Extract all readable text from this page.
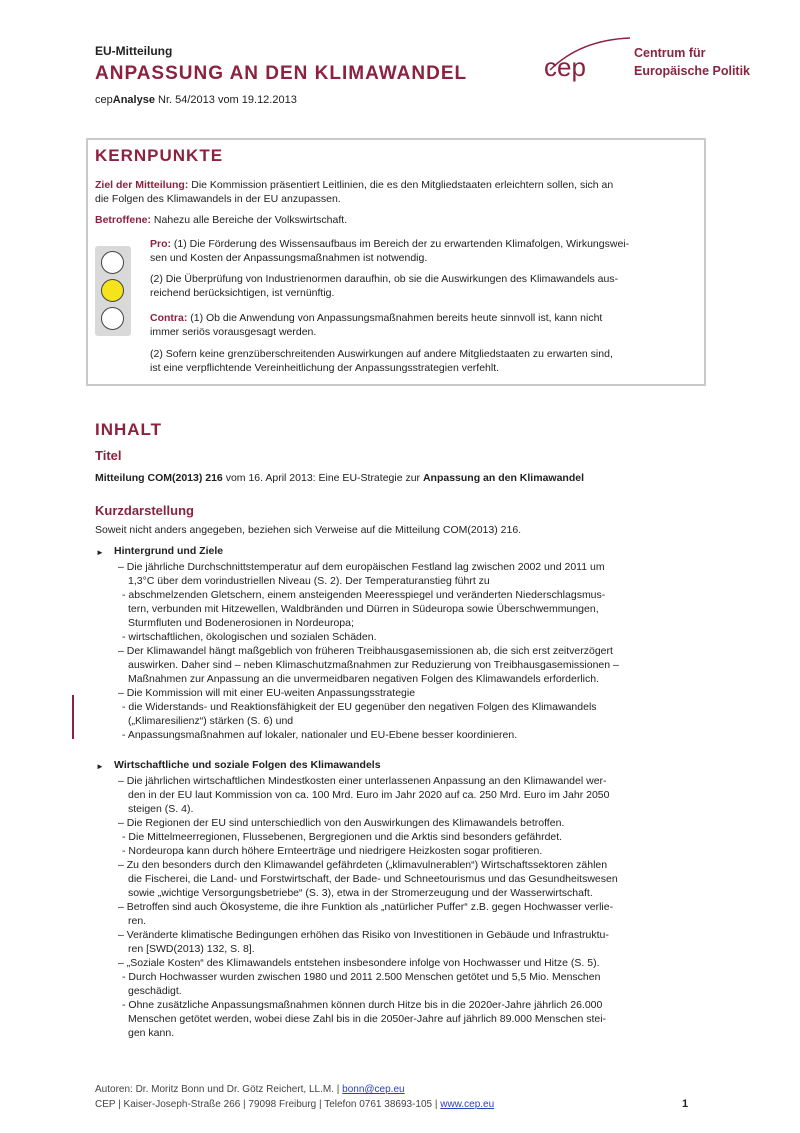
EU-Mitteilung
ANPASSUNG AN DEN KLIMAWANDEL
cepAnalyse Nr. 54/2013 vom 19.12.2013
cep	Centrum für
Europäische Politik
KERNPUNKTE
Ziel der Mitteilung: Die Kommission präsentiert Leitlinien, die es den Mitgliedstaaten erleichtern sollen, sich an
die Folgen des Klimawandels in der EU anzupassen.
Betroffene: Nahezu alle Bereiche der Volkswirtschaft.
Pro: (1) Die Förderung des Wissensaufbaus im Bereich der zu erwartenden Klimafolgen, Wirkungswei-
sen und Kosten der Anpassungsmaßnahmen ist notwendig.
(2) Die Überprüfung von Industrienormen daraufhin, ob sie die Auswirkungen des Klimawandels aus-
reichend berücksichtigen, ist vernünftig.
Contra: (1) Ob die Anwendung von Anpassungsmaßnahmen bereits heute sinnvoll ist, kann nicht
immer seriös vorausgesagt werden.
(2) Sofern keine grenzüberschreitenden Auswirkungen auf andere Mitgliedstaaten zu erwarten sind,
ist eine verpflichtende Vereinheitlichung der Anpassungsstrategien verfehlt.
INHALT
Titel
Mitteilung COM(2013) 216 vom 16. April 2013: Eine EU-Strategie zur Anpassung an den Klimawandel
Kurzdarstellung
Soweit nicht anders angegeben, beziehen sich Verweise auf die Mitteilung COM(2013) 216.
► Hintergrund und Ziele
– Die jährliche Durchschnittstemperatur auf dem europäischen Festland lag zwischen 2002 und 2011 um
1,3°C über dem vorindustriellen Niveau (S. 2). Der Temperaturanstieg führt zu
- abschmelzenden Gletschern, einem ansteigenden Meeresspiegel und veränderten Niederschlagsmus-
tern, verbunden mit Hitzewellen, Waldbränden und Dürren in Südeuropa sowie Überschwemmungen,
Sturmfluten und Bodenerosionen in Nordeuropa;
- wirtschaftlichen, ökologischen und sozialen Schäden.
– Der Klimawandel hängt maßgeblich von früheren Treibhausgasemissionen ab, die sich erst zeitverzögert
auswirken. Daher sind – neben Klimaschutzmaßnahmen zur Reduzierung von Treibhausgasemissionen –
Maßnahmen zur Anpassung an die unvermeidbaren negativen Folgen des Klimawandels erforderlich.
– Die Kommission will mit einer EU-weiten Anpassungsstrategie
- die Widerstands- und Reaktionsfähigkeit der EU gegenüber den negativen Folgen des Klimawandels
(„Klimaresilienz“) stärken (S. 6) und
- Anpassungsmaßnahmen auf lokaler, nationaler und EU-Ebene besser koordinieren.
► Wirtschaftliche und soziale Folgen des Klimawandels
– Die jährlichen wirtschaftlichen Mindestkosten einer unterlassenen Anpassung an den Klimawandel wer-
den in der EU laut Kommission von ca. 100 Mrd. Euro im Jahr 2020 auf ca. 250 Mrd. Euro im Jahr 2050
steigen (S. 4).
– Die Regionen der EU sind unterschiedlich von den Auswirkungen des Klimawandels betroffen.
- Die Mittelmeerregionen, Flussebenen, Bergregionen und die Arktis sind besonders gefährdet.
- Nordeuropa kann durch höhere Ernteerträge und niedrigere Heizkosten sogar profitieren.
– Zu den besonders durch den Klimawandel gefährdeten („klimavulnerablen“) Wirtschaftssektoren zählen
die Fischerei, die Land- und Forstwirtschaft, der Bade- und Schneetourismus und das Gesundheitswesen
sowie „wichtige Versorgungsbetriebe“ (S. 3), etwa in der Stromerzeugung und der Wasserwirtschaft.
– Betroffen sind auch Ökosysteme, die ihre Funktion als „natürlicher Puffer“ z.B. gegen Hochwasser verlie-
ren.
– Veränderte klimatische Bedingungen erhöhen das Risiko von Investitionen in Gebäude und Infrastruktu-
ren [SWD(2013) 132, S. 8].
– „Soziale Kosten“ des Klimawandels entstehen insbesondere infolge von Hochwasser und Hitze (S. 5).
- Durch Hochwasser wurden zwischen 1980 und 2011 2.500 Menschen getötet und 5,5 Mio. Menschen
geschädigt.
- Ohne zusätzliche Anpassungsmaßnahmen können durch Hitze bis in die 2020er-Jahre jährlich 26.000
Menschen getötet werden, wobei diese Zahl bis in die 2050er-Jahre auf jährlich 89.000 Menschen stei-
gen kann.
Autoren: Dr. Moritz Bonn und Dr. Götz Reichert, LL.M. | bonn@cep.eu
CEP | Kaiser-Joseph-Straße 266 | 79098 Freiburg | Telefon 0761 38693-105 | www.cep.eu	1
